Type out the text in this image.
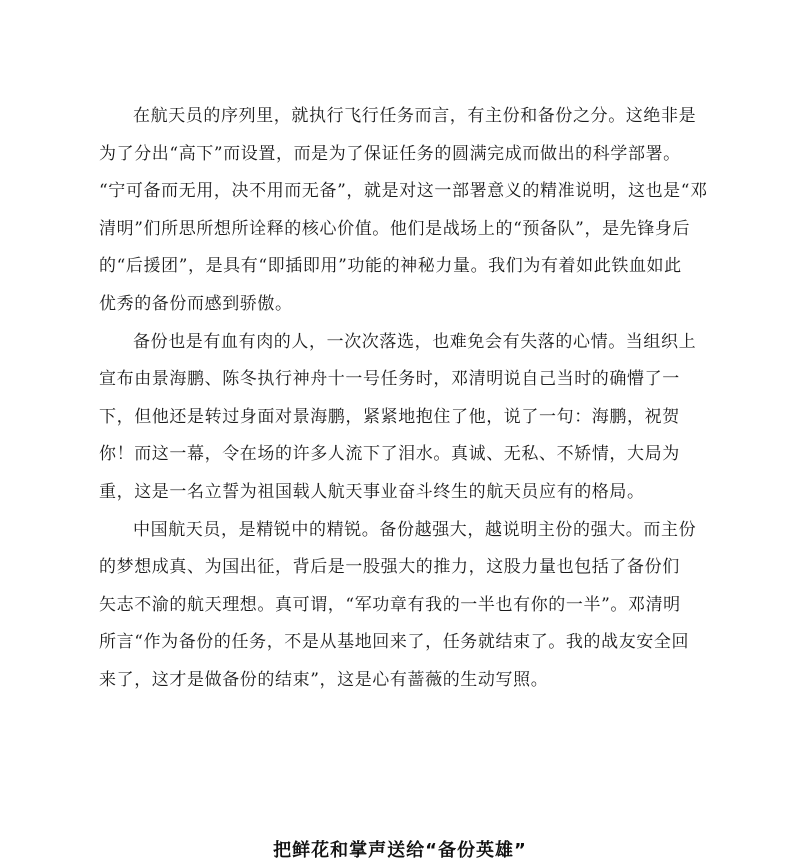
在航天员的序列里，就执行飞行任务而言，有主份和备份之分。这绝非是
为了分出“高下”而设置，而是为了保证任务的圆满完成而做出的科学部署。
“宁可备而无用，决不用而无备”，就是对这一部署意义的精准说明，这也是“邓
清明”们所思所想所诠释的核心价值。他们是战场上的“预备队”，是先锋身后
的“后援团”，是具有“即插即用”功能的神秘力量。我们为有着如此铁血如此
优秀的备份而感到骄傲。

备份也是有血有肉的人，一次次落选，也难免会有失落的心情。当组织上
宣布由景海鹏、陈冬执行神舟十一号任务时，邓清明说自己当时的确懵了一
下，但他还是转过身面对景海鹏，紧紧地抱住了他，说了一句：海鹏，祝贺
你！而这一幕，令在场的许多人流下了泪水。真诚、无私、不矫情，大局为
重，这是一名立誓为祖国载人航天事业奋斗终生的航天员应有的格局。

中国航天员，是精锐中的精锐。备份越强大，越说明主份的强大。而主份
的梦想成真、为国出征，背后是一股强大的推力，这股力量也包括了备份们
矢志不渝的航天理想。真可谓，“军功章有我的一半也有你的一半”。邓清明
所言“作为备份的任务，不是从基地回来了，任务就结束了。我的战友安全回
来了，这才是做备份的结束”，这是心有蔷薇的生动写照。

把鲜花和掌声送给“备份英雄”
